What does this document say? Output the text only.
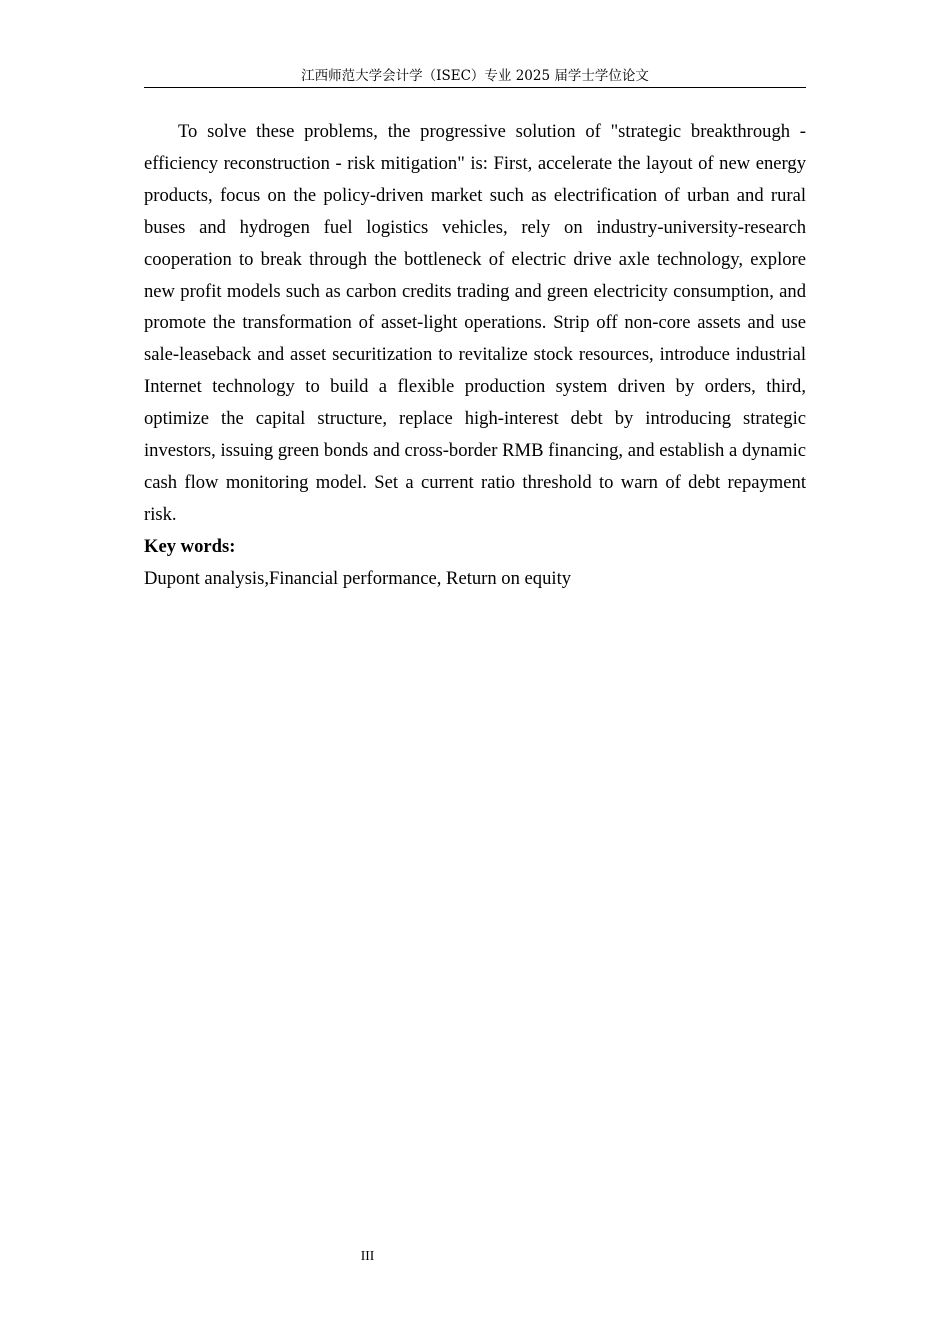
江西师范大学会计学（ISEC）专业 2025 届学士学位论文

To solve these problems, the progressive solution of "strategic breakthrough - efficiency reconstruction - risk mitigation" is: First, accelerate the layout of new energy products, focus on the policy-driven market such as electrification of urban and rural buses and hydrogen fuel logistics vehicles, rely on industry-university-research cooperation to break through the bottleneck of electric drive axle technology, explore new profit models such as carbon credits trading and green electricity consumption, and promote the transformation of asset-light operations. Strip off non-core assets and use sale-leaseback and asset securitization to revitalize stock resources, introduce industrial Internet technology to build a flexible production system driven by orders, third, optimize the capital structure, replace high-interest debt by introducing strategic investors, issuing green bonds and cross-border RMB financing, and establish a dynamic cash flow monitoring model. Set a current ratio threshold to warn of debt repayment risk.

Key words:

Dupont analysis,Financial performance, Return on equity

III
